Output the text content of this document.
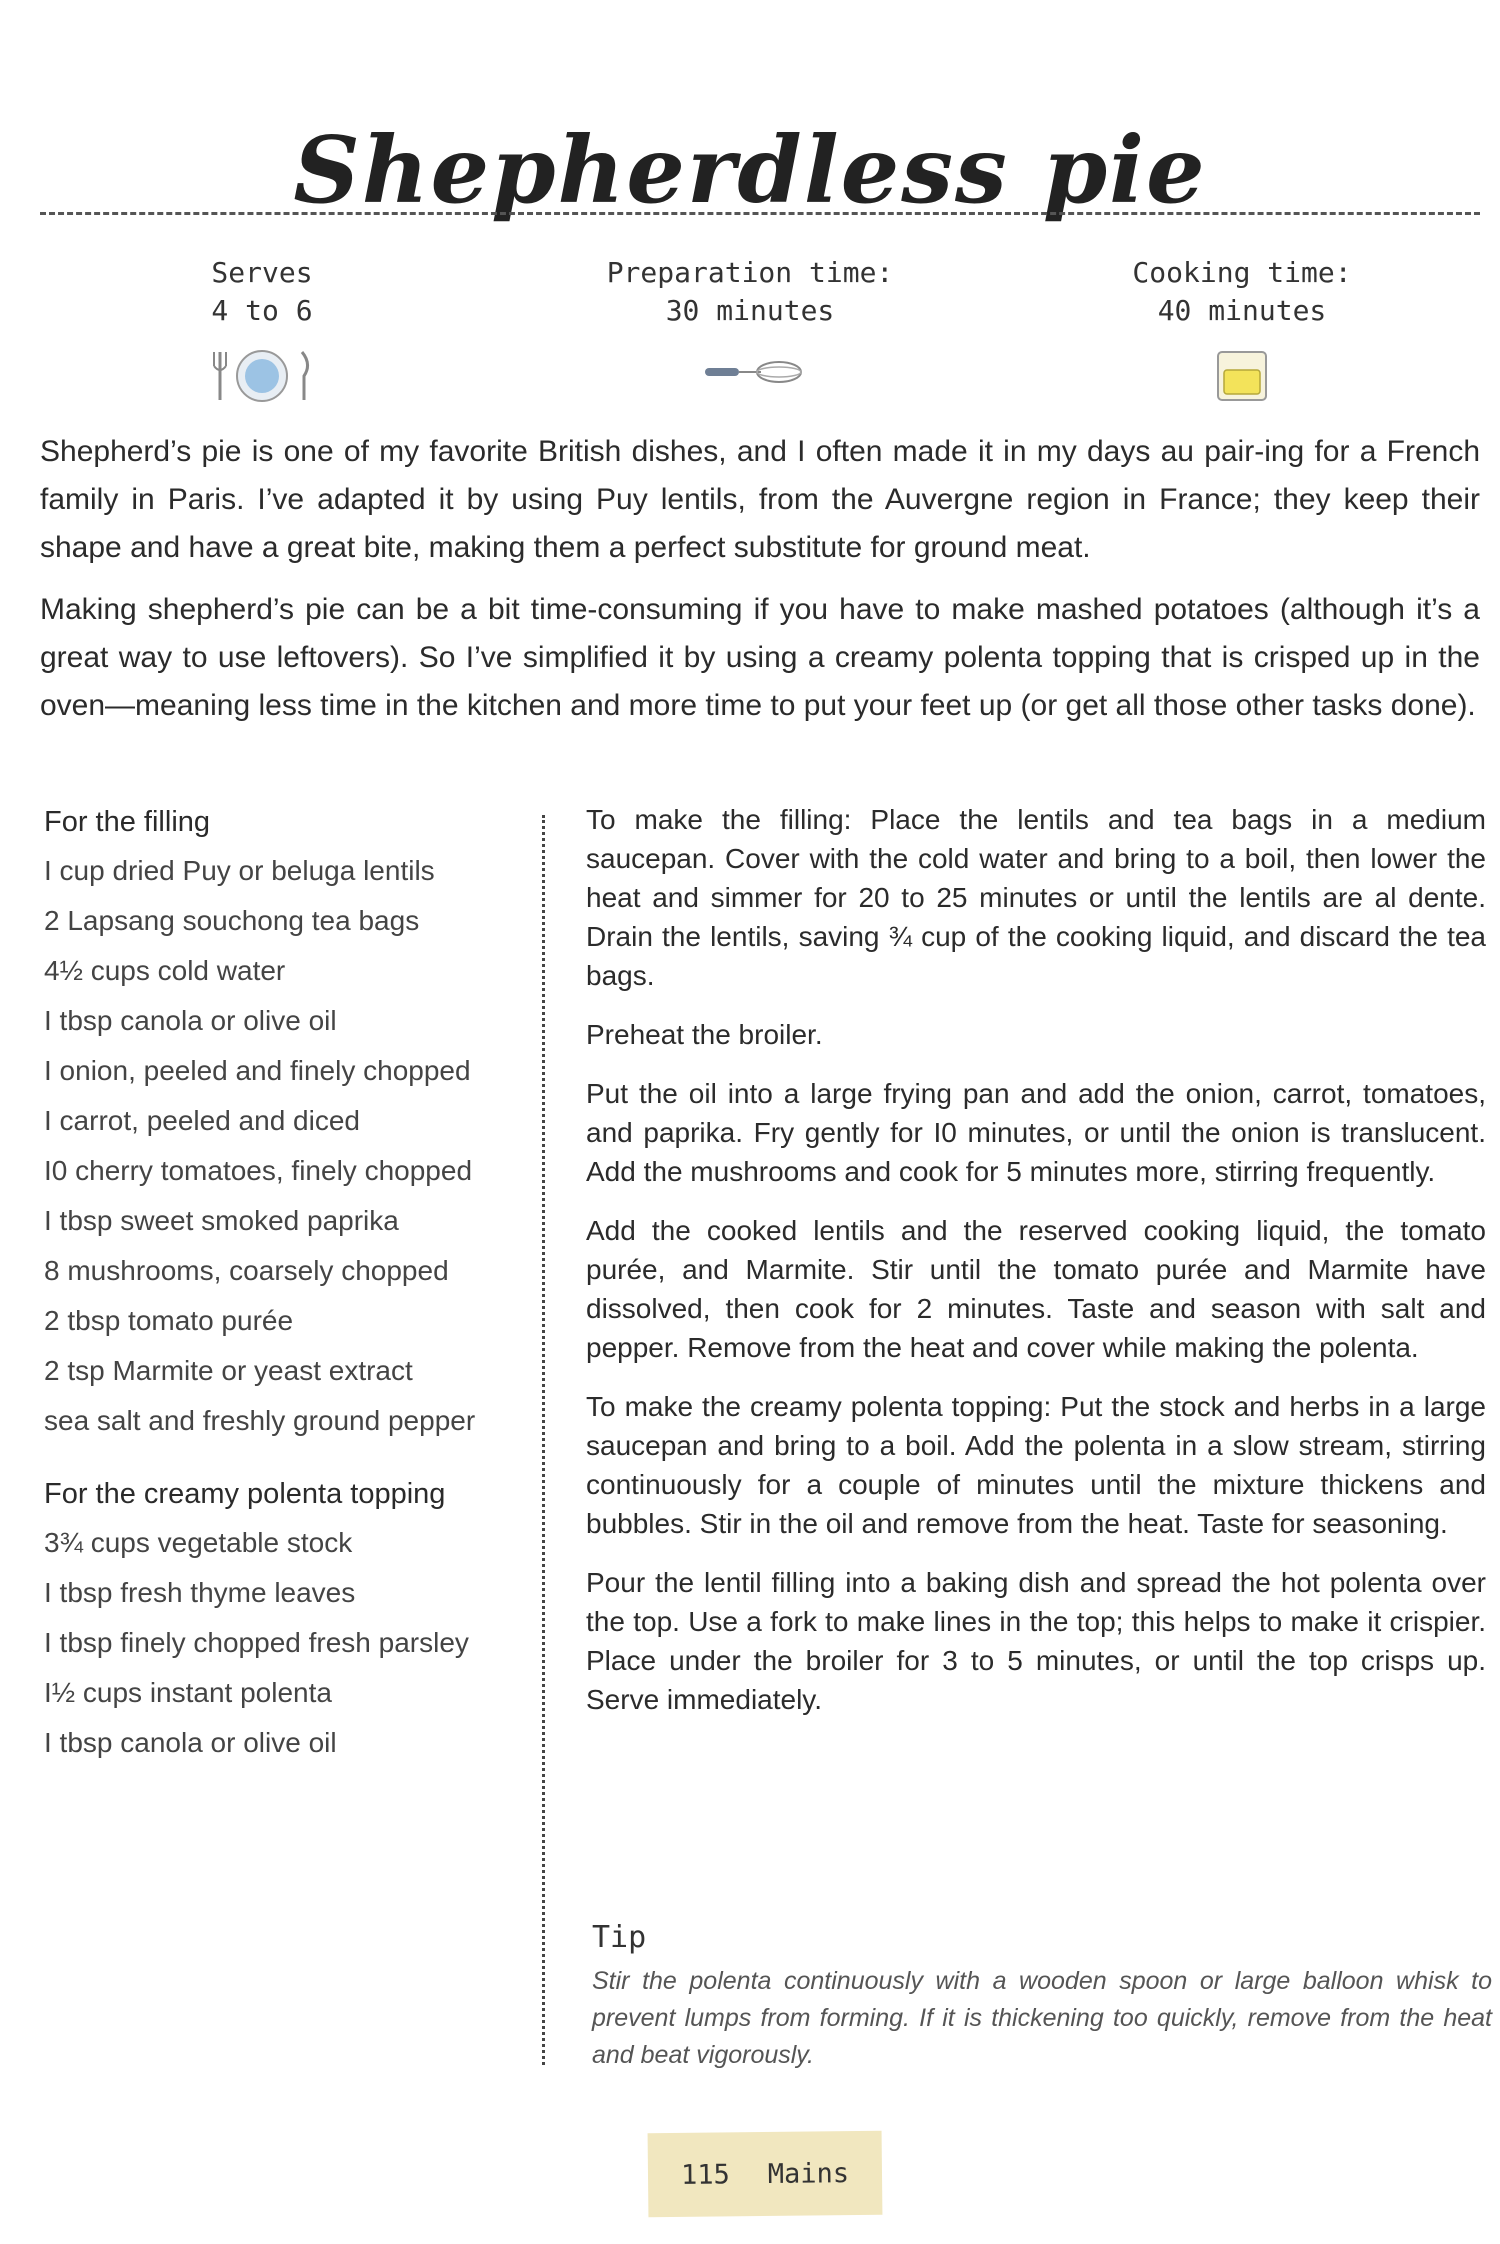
Shepherdless pie
Serves
4 to 6
Preparation time:
30 minutes
Cooking time:
40 minutes

Shepherd’s pie is one of my favorite British dishes, and I often made it in my days au pair-ing for a French family in Paris. I’ve adapted it by using Puy lentils, from the Auvergne region in France; they keep their shape and have a great bite, making them a perfect substitute for ground meat.

Making shepherd’s pie can be a bit time-consuming if you have to make mashed potatoes (although it’s a great way to use leftovers). So I’ve simplified it by using a creamy polenta topping that is crisped up in the oven—meaning less time in the kitchen and more time to put your feet up (or get all those other tasks done).

For the filling
I cup dried Puy or beluga lentils
2 Lapsang souchong tea bags
4½ cups cold water
I tbsp canola or olive oil
I onion, peeled and finely chopped
I carrot, peeled and diced
I0 cherry tomatoes, finely chopped
I tbsp sweet smoked paprika
8 mushrooms, coarsely chopped
2 tbsp tomato purée
2 tsp Marmite or yeast extract
sea salt and freshly ground pepper
For the creamy polenta topping
3¾ cups vegetable stock
I tbsp fresh thyme leaves
I tbsp finely chopped fresh parsley
I½ cups instant polenta
I tbsp canola or olive oil

To make the filling: Place the lentils and tea bags in a medium saucepan. Cover with the cold water and bring to a boil, then lower the heat and simmer for 20 to 25 minutes or until the lentils are al dente. Drain the lentils, saving ¾ cup of the cooking liquid, and discard the tea bags.

Preheat the broiler.

Put the oil into a large frying pan and add the onion, carrot, tomatoes, and paprika. Fry gently for I0 minutes, or until the onion is translucent. Add the mushrooms and cook for 5 minutes more, stirring frequently.

Add the cooked lentils and the reserved cooking liquid, the tomato purée, and Marmite. Stir until the tomato purée and Marmite have dissolved, then cook for 2 minutes. Taste and season with salt and pepper. Remove from the heat and cover while making the polenta.

To make the creamy polenta topping: Put the stock and herbs in a large saucepan and bring to a boil. Add the polenta in a slow stream, stirring continuously for a couple of minutes until the mixture thickens and bubbles. Stir in the oil and remove from the heat. Taste for seasoning.

Pour the lentil filling into a baking dish and spread the hot polenta over the top. Use a fork to make lines in the top; this helps to make it crispier. Place under the broiler for 3 to 5 minutes, or until the top crisps up. Serve immediately.

Tip
Stir the polenta continuously with a wooden spoon or large balloon whisk to prevent lumps from forming. If it is thickening too quickly, remove from the heat and beat vigorously.
115 Mains
